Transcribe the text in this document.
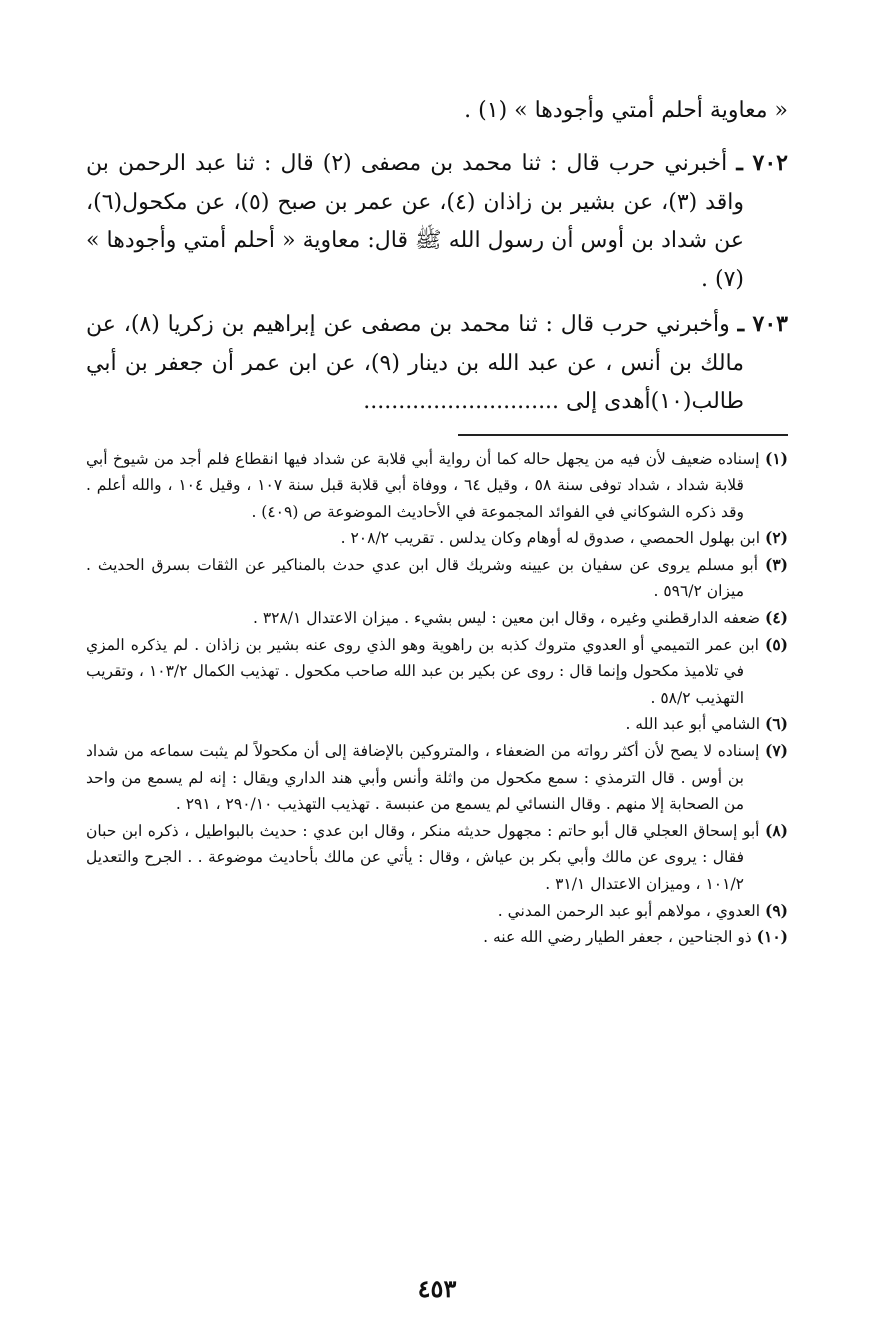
« معاوية أحلم أمتي وأجودها » (١) .

٧٠٢ ـ أخبرني حرب قال : ثنا محمد بن مصفى (٢) قال : ثنا عبد الرحمن بن واقد (٣)، عن بشير بن زاذان (٤)، عن عمر بن صبح (٥)، عن مكحول(٦)، عن شداد بن أوس أن رسول الله ﷺ قال: معاوية « أحلم أمتي وأجودها » (٧) .

٧٠٣ ـ وأخبرني حرب قال : ثنا محمد بن مصفى عن إبراهيم بن زكريا (٨)، عن مالك بن أنس ، عن عبد الله بن دينار (٩)، عن ابن عمر أن جعفر بن أبي طالب(١٠)أهدى إلى ............................

(١) إسناده ضعيف لأن فيه من يجهل حاله كما أن رواية أبي قلابة عن شداد فيها انقطاع فلم أجد من شيوخ أبي قلابة شداد ، شداد توفى سنة ٥٨ ، وقيل ٦٤ ، ووفاة أبي قلابة قبل سنة ١٠٧ ، وقيل ١٠٤ ، والله أعلم . وقد ذكره الشوكاني في الفوائد المجموعة في الأحاديث الموضوعة ص (٤٠٩) .

(٢) ابن بهلول الحمصي ، صدوق له أوهام وكان يدلس . تقريب ٢٠٨/٢ .

(٣) أبو مسلم يروى عن سفيان بن عيينه وشريك قال ابن عدي حدث بالمناكير عن الثقات بسرق الحديث . ميزان ٥٩٦/٢ .

(٤) ضعفه الدارقطني وغيره ، وقال ابن معين : ليس بشيء . ميزان الاعتدال ٣٢٨/١ .

(٥) ابن عمر التميمي أو العدوي متروك كذبه بن راهوية وهو الذي روى عنه بشير بن زاذان . لم يذكره المزي في تلاميذ مكحول وإنما قال : روى عن بكير بن عبد الله صاحب مكحول . تهذيب الكمال ١٠٣/٢ ، وتقريب التهذيب ٥٨/٢ .

(٦) الشامي أبو عبد الله .

(٧) إسناده لا يصح لأن أكثر رواته من الضعفاء ، والمتروكين بالإضافة إلى أن مكحولاً لم يثبت سماعه من شداد بن أوس . قال الترمذي : سمع مكحول من واثلة وأنس وأبي هند الداري ويقال : إنه لم يسمع من واحد من الصحابة إلا منهم . وقال النسائي لم يسمع من عنبسة . تهذيب التهذيب ٢٩٠/١٠ ، ٢٩١ .

(٨) أبو إسحاق العجلي قال أبو حاتم : مجهول حديثه منكر ، وقال ابن عدي : حديث بالبواطيل ، ذكره ابن حبان فقال : يروى عن مالك وأبي بكر بن عياش ، وقال : يأتي عن مالك بأحاديث موضوعة . . الجرح والتعديل ١٠١/٢ ، وميزان الاعتدال ٣١/١ .

(٩) العدوي ، مولاهم أبو عبد الرحمن المدني .

(١٠) ذو الجناحين ، جعفر الطيار رضي الله عنه .

٤٥٣
